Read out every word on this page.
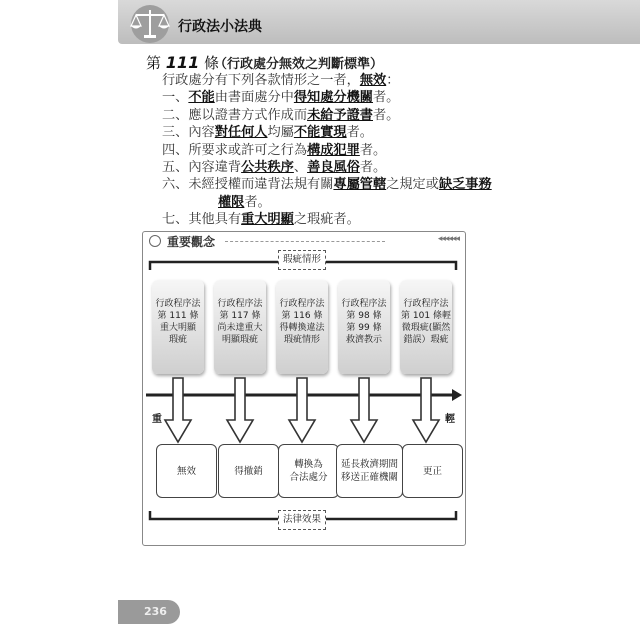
行政法小法典
第 111 條
（行政處分無效之判斷標準）
行政處分有下列各款情形之一者，無效：
一、不能由書面處分中得知處分機關者。
二、應以證書方式作成而未給予證書者。
三、內容對任何人均屬不能實現者。
四、所要求或許可之行為構成犯罪者。
五、內容違背公共秩序、善良風俗者。
六、未經授權而違背法規有關專屬管轄之規定或缺乏事務
權限者。
七、其他具有重大明顯之瑕疵者。
重要觀念	◂◂◂◂◂◂
瑕疵情形
法律效果
重	輕
行政程序法
第 111 條
重大明顯
瑕疵
行政程序法
第 117 條
尚未達重大
明顯瑕疵
行政程序法
第 116 條
得轉換違法
瑕疵情形
行政程序法
第 98 條
第 99 條
救濟教示
行政程序法
第 101 條輕
微瑕疵(顯然
錯誤）瑕疵
無效	得撤銷
轉換為
合法處分
延長救濟期間
移送正確機關
更正
236
